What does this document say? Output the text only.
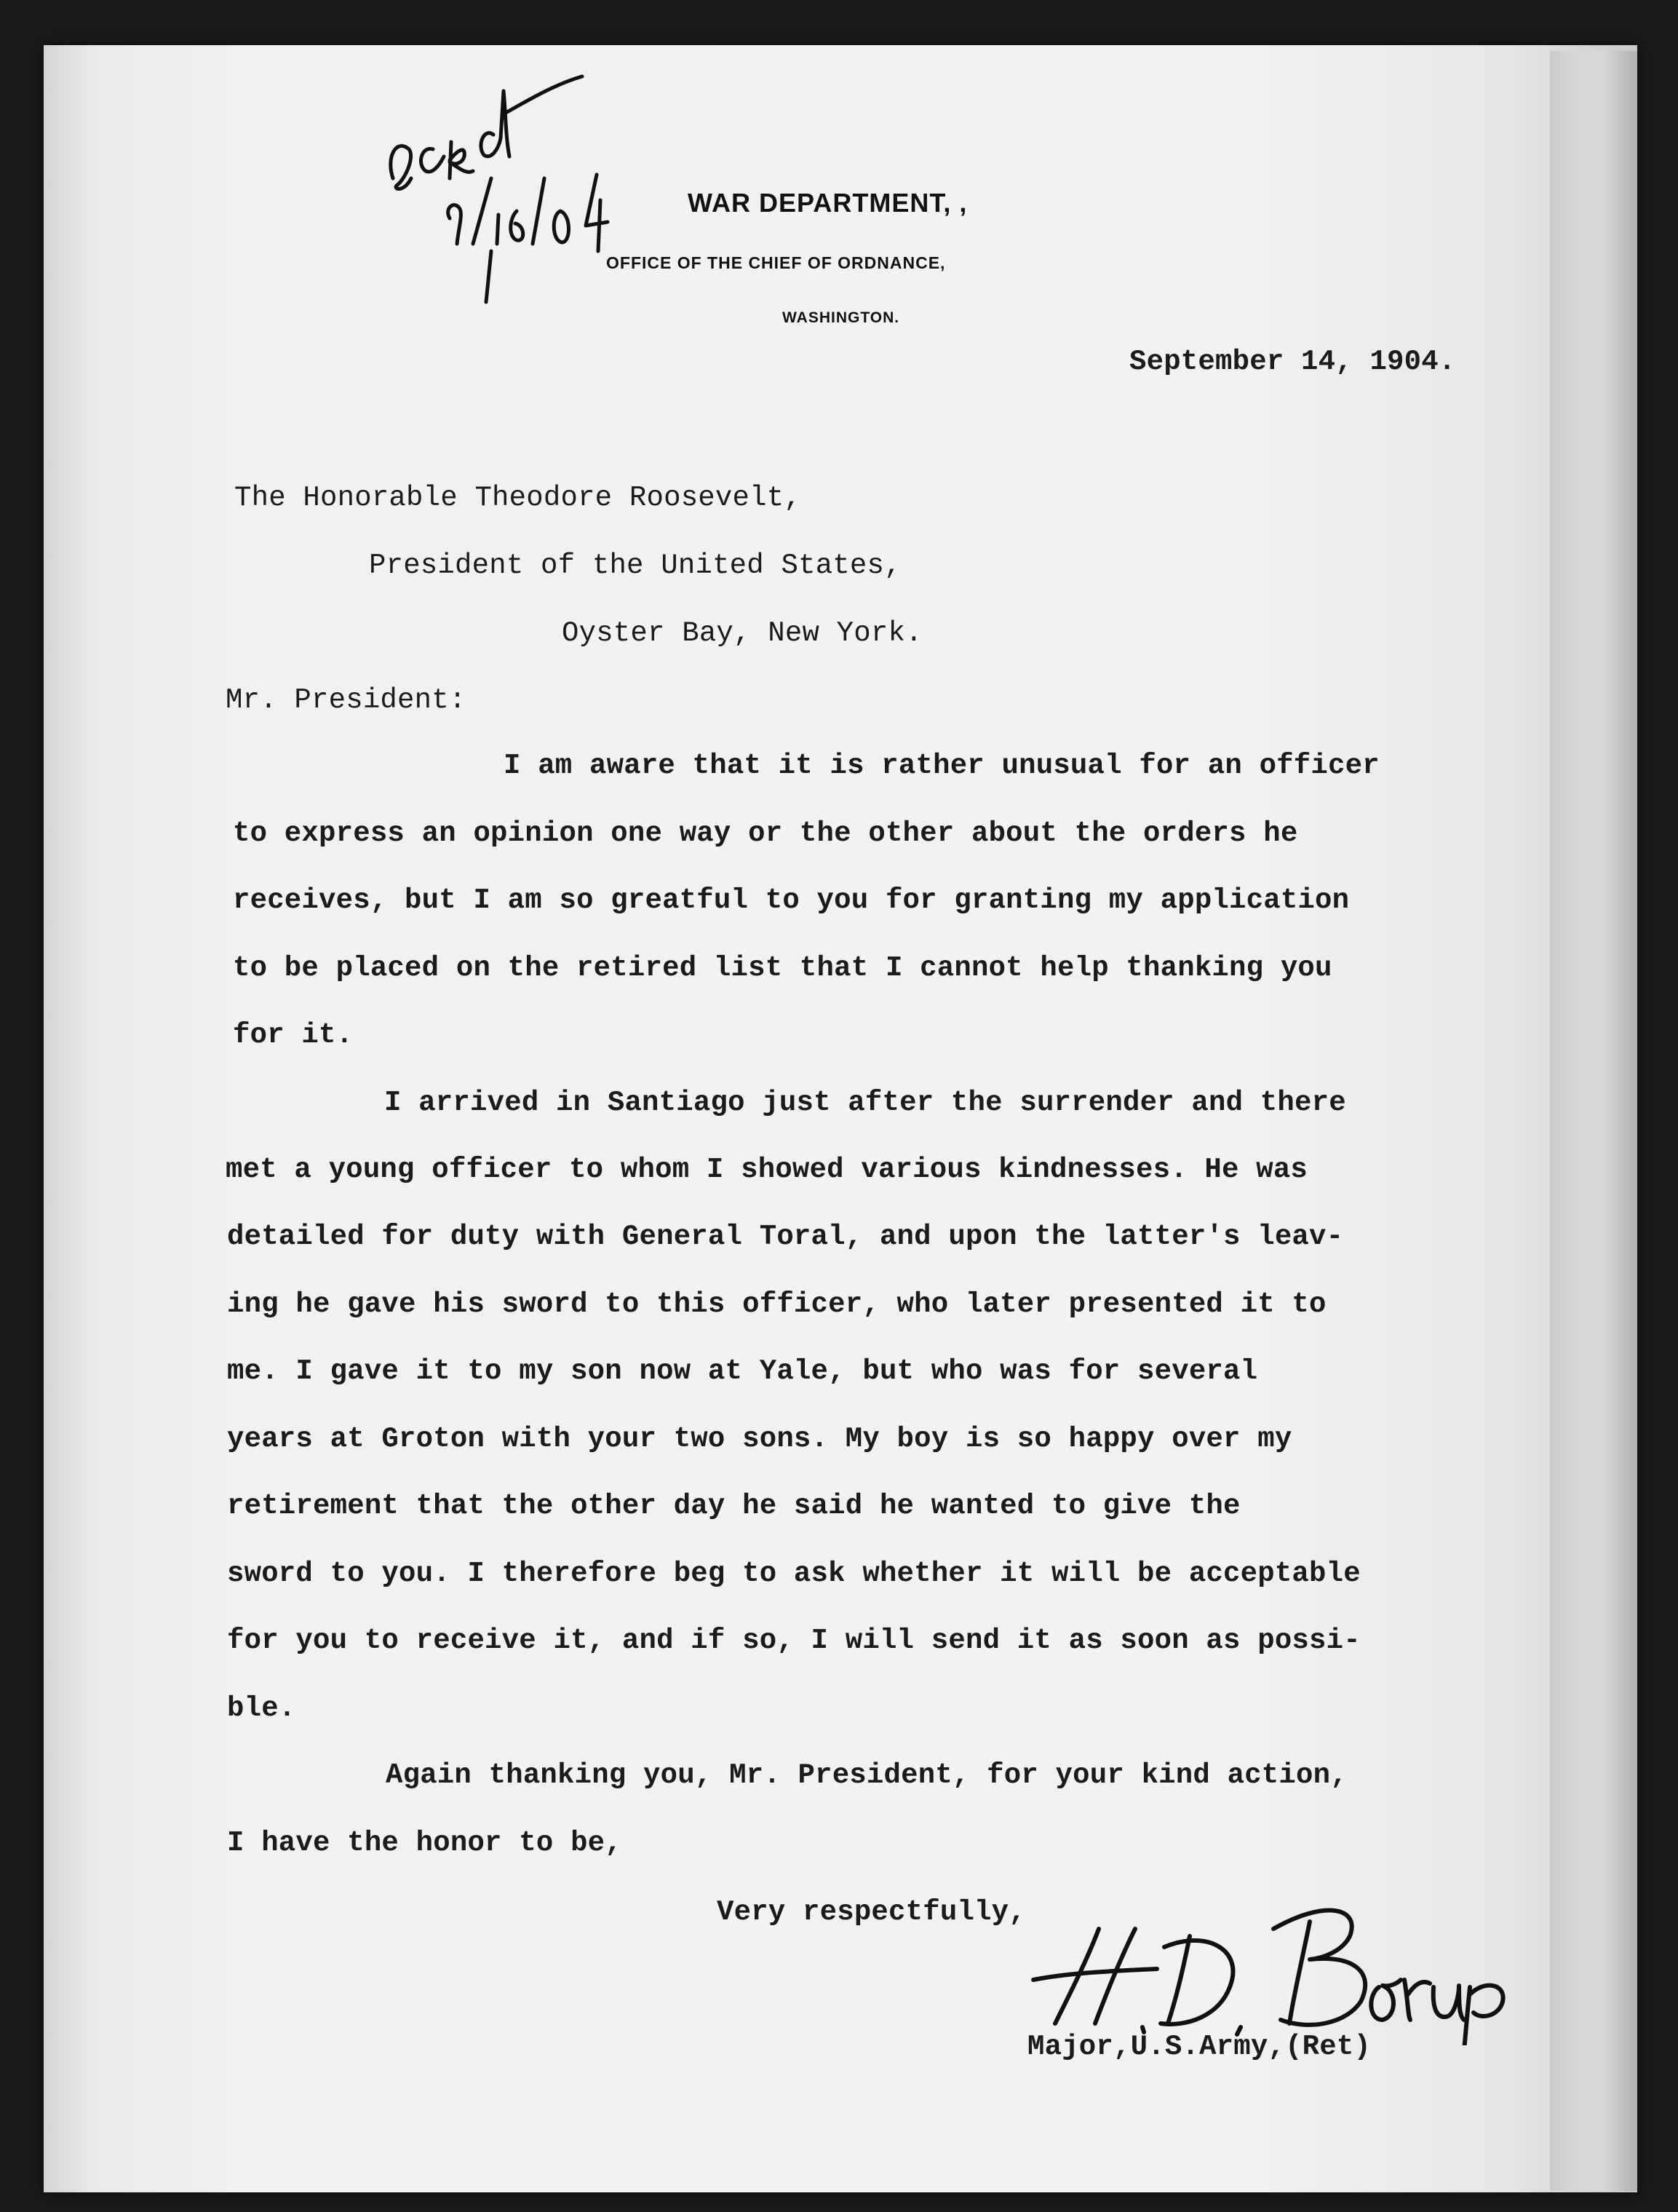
WAR DEPARTMENT, ,
OFFICE OF THE CHIEF OF ORDNANCE,
WASHINGTON.
September 14, 1904.
The Honorable Theodore Roosevelt,
President of the United States,
Oyster Bay, New York.
Mr. President:
I am aware that it is rather unusual for an officer
to express an opinion one way or the other about the orders he
receives, but I am so greatful to you for granting my application
to be placed on the retired list that I cannot help thanking you
for it.
I arrived in Santiago just after the surrender and there
met a young officer to whom I showed various kindnesses. He was
detailed for duty with General Toral, and upon the latter's leav-
ing he gave his sword to this officer, who later presented it to
me. I gave it to my son now at Yale, but who was for several
years at Groton with your two sons. My boy is so happy over my
retirement that the other day he said he wanted to give the
sword to you. I therefore beg to ask whether it will be acceptable
for you to receive it, and if so, I will send it as soon as possi-
ble.
Again thanking you, Mr. President, for your kind action,
I have the honor to be,
Very respectfully,
Major,U.S.Army,(Ret)
